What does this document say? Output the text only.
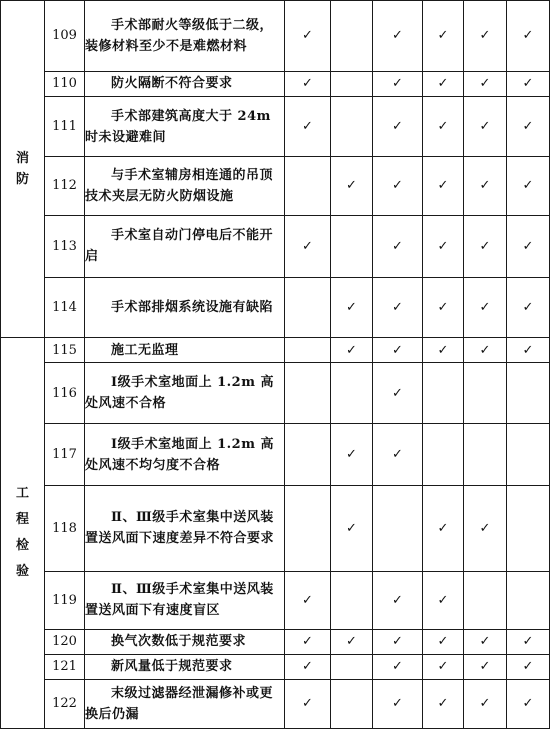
消
防	109	手术部耐火等级低于二级，装修材料至少不是难燃材料	✓		✓	✓	✓	✓
	110	防火隔断不符合要求	✓		✓	✓	✓	✓
	111	手术部建筑高度大于 24m 时未设避难间	✓		✓	✓	✓	✓
	112	与手术室辅房相连通的吊顶技术夹层无防火防烟设施		✓	✓	✓	✓	✓
	113	手术室自动门停电后不能开启	✓		✓	✓	✓	✓
	114	手术部排烟系统设施有缺陷		✓	✓	✓	✓	✓

工
程
检
验	115	施工无监理		✓	✓	✓	✓	✓
	116	Ⅰ级手术室地面上 1.2m 高处风速不合格			✓			
	117	Ⅰ级手术室地面上 1.2m 高处风速不均匀度不合格		✓	✓			
	118	Ⅱ、Ⅲ级手术室集中送风装置送风面下速度差异不符合要求		✓		✓	✓	
	119	Ⅱ、Ⅲ级手术室集中送风装置送风面下有速度盲区	✓		✓	✓		
	120	换气次数低于规范要求	✓	✓	✓	✓	✓	✓
	121	新风量低于规范要求	✓		✓	✓	✓	✓
	122	末级过滤器经泄漏修补或更换后仍漏	✓		✓	✓	✓	✓
